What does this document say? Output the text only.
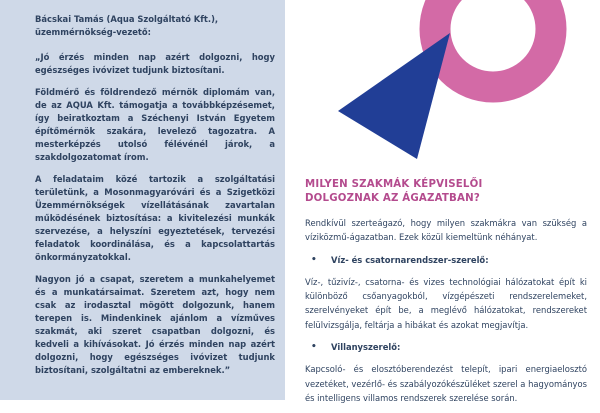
Bácskai Tamás (Aqua Szolgáltató Kft.),
üzemmérnökség-vezető:

„Jó érzés minden nap azért dolgozni, hogy egészséges ivóvizet tudjunk biztosítani.

Földmérő és földrendező mérnök diplomám van, de az AQUA Kft. támogatja a továbbképzésemet, így beiratkoztam a Széchenyi István Egyetem építőmérnök szakára, levelező tagozatra. A mesterképzés utolsó félévénél járok, a szakdolgozatomat írom.

A feladataim közé tartozik a szolgáltatási területünk, a Mosonmagyaróvári és a Szigetközi Üzemmérnökségek vízellátásának zavartalan működésének biztosítása: a kivitelezési munkák szervezése, a helyszíni egyeztetések, tervezési feladatok koordinálása, és a kapcsolattartás önkormányzatokkal.

Nagyon jó a csapat, szeretem a munkahelyemet és a munkatársaimat. Szeretem azt, hogy nem csak az irodasztal mögött dolgozunk, hanem terepen is. Mindenkinek ajánlom a vízműves szakmát, aki szeret csapatban dolgozni, és kedveli a kihívásokat. Jó érzés minden nap azért dolgozni, hogy egészséges ivóvizet tudjunk biztosítani, szolgáltatni az embereknek.”

MILYEN SZAKMÁK KÉPVISELŐI
DOLGOZNAK AZ ÁGAZATBAN?

Rendkívül szerteágazó, hogy milyen szakmákra van szükség a víziközmű-ágazatban. Ezek közül kiemeltünk néhányat.

•	Víz- és csatornarendszer-szerelő:

Víz-, tűzivíz-, csatorna- és vizes technológiai hálózatokat épít ki különböző csőanyagokból, vízgépészeti rendszerelemeket, szerelvényeket épít be, a meglévő hálózatokat, rendszereket felülvizsgálja, feltárja a hibákat és azokat megjavítja.

•	Villanyszerelő:

Kapcsoló- és elosztóberendezést telepít, ipari energiaelosztó vezetéket, vezérlő- és szabályozókészüléket szerel a hagyományos és intelligens villamos rendszerek szerelése során.
